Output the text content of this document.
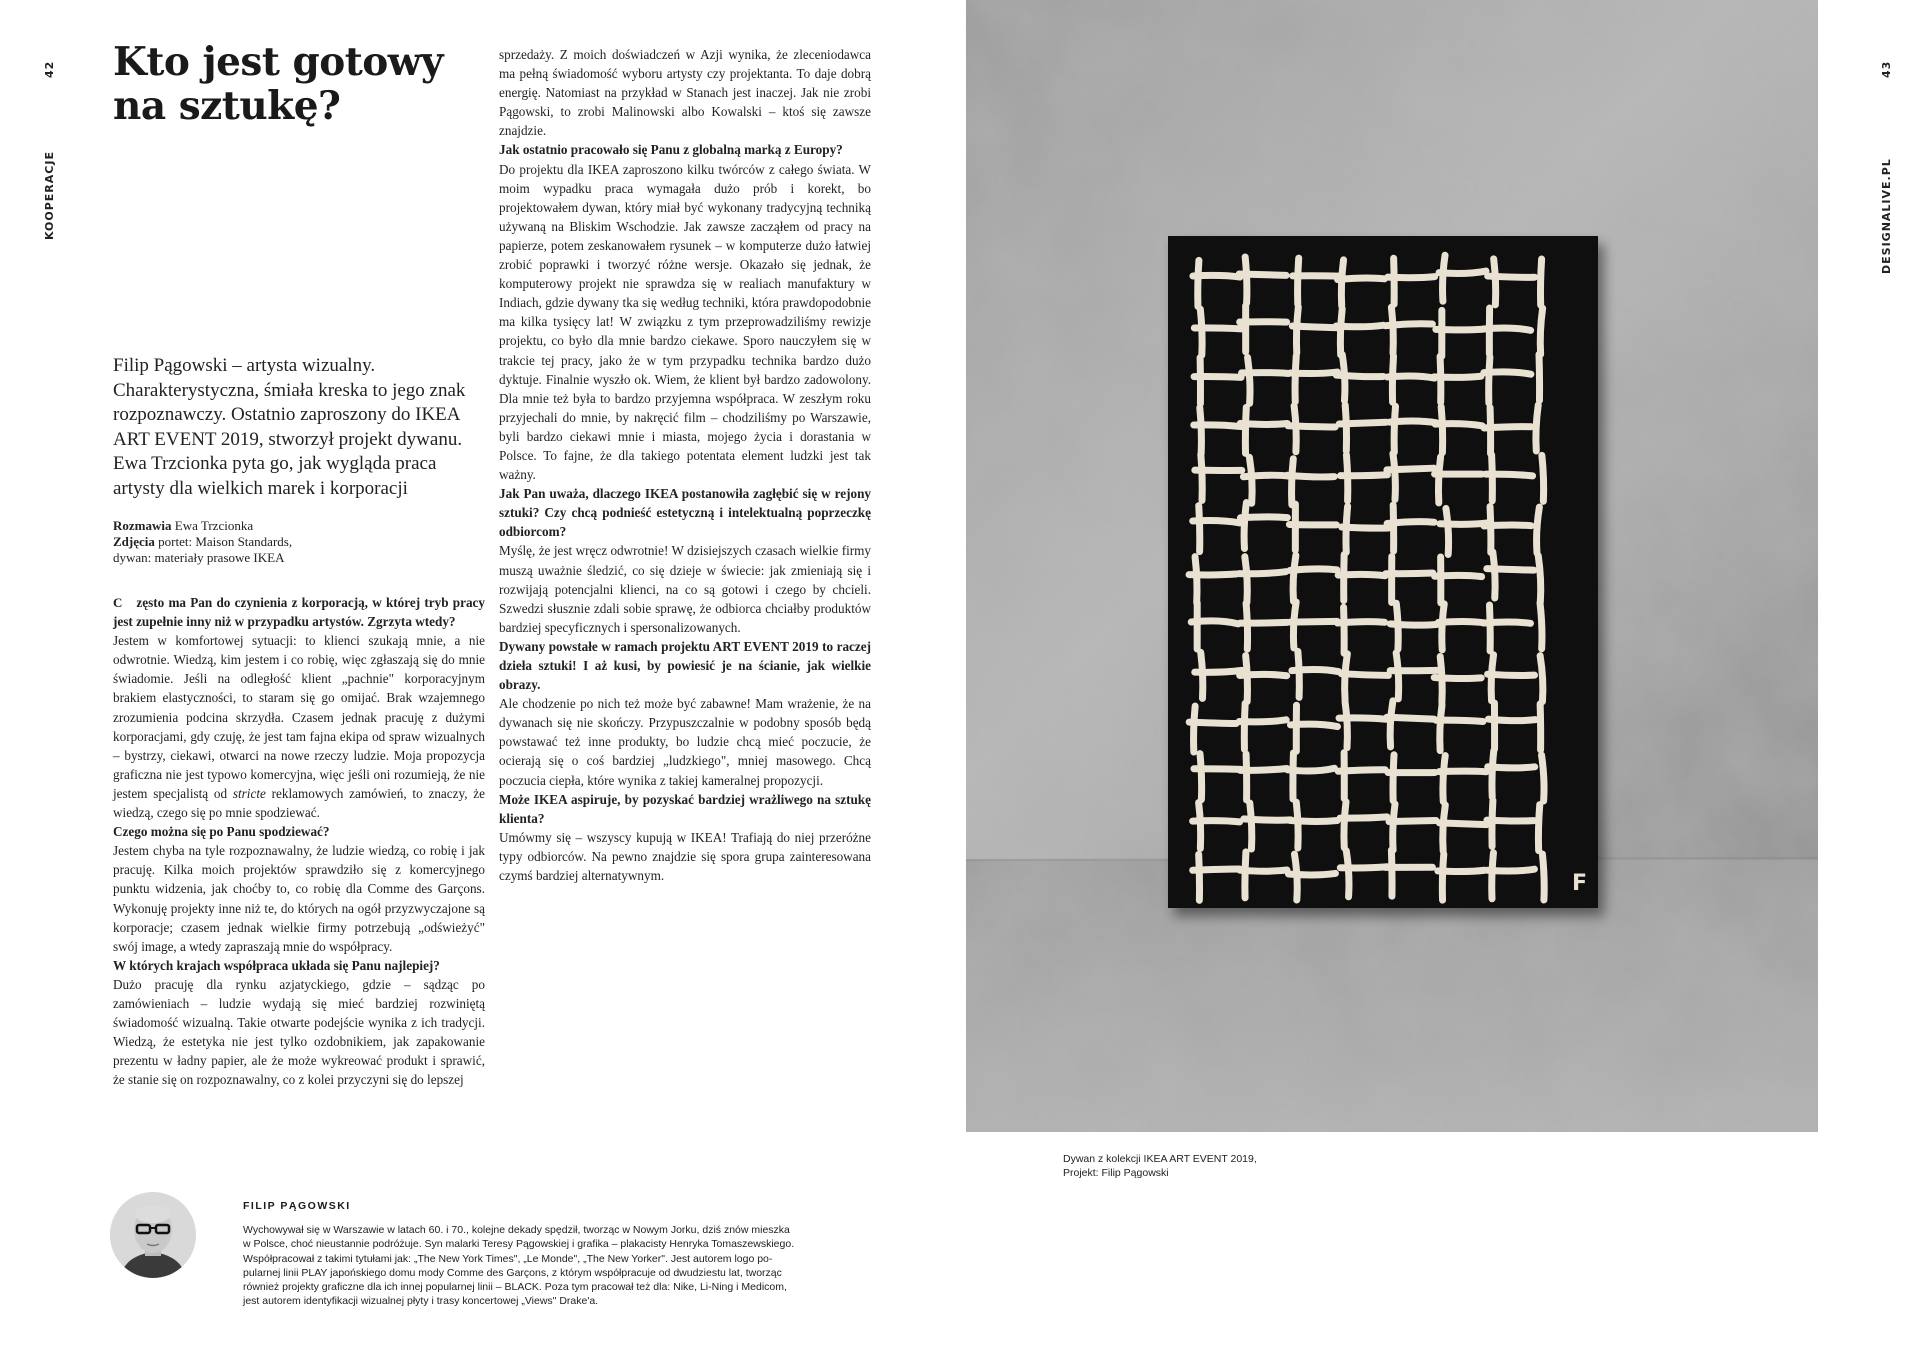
42
KOOPERACJE
43
DESIGNALIVE.PL
Kto jest gotowy
na sztukę?

Filip Pągowski – artysta wizualny. Charakterystyczna, śmiała kreska to jego znak rozpoznawczy. Ostatnio zaproszony do IKEA ART EVENT 2019, stworzył projekt dywanu. Ewa Trzcionka pyta go, jak wygląda praca artysty dla wielkich marek i korporacji

Rozmawia Ewa Trzcionka
Zdjęcia portet: Maison Standards,
dywan: materiały prasowe IKEA

C zęsto ma Pan do czynienia z korporacją, w której tryb pracy jest zupełnie inny niż w przypadku artystów. Zgrzyta wtedy?

Jestem w komfortowej sytuacji: to klienci szukają mnie, a nie odwrotnie. Wiedzą, kim jestem i co robię, więc zgłaszają się do mnie świadomie. Jeśli na odległość klient „pachnie" korporacyjnym brakiem elastyczności, to staram się go omijać. Brak wzajemnego zrozumienia podcina skrzydła. Czasem jednak pracuję z dużymi korporacjami, gdy czuję, że jest tam fajna ekipa od spraw wizualnych – bystrzy, ciekawi, otwarci na nowe rzeczy ludzie. Moja propozycja graficzna nie jest typowo komercyjna, więc jeśli oni rozumieją, że nie jestem specjalistą od stricte reklamowych zamówień, to znaczy, że wiedzą, czego się po mnie spodziewać.

Czego można się po Panu spodziewać?

Jestem chyba na tyle rozpoznawalny, że ludzie wiedzą, co robię i jak pracuję. Kilka moich projektów sprawdziło się z komercyjnego punktu widzenia, jak choćby to, co robię dla Comme des Garçons. Wykonuję projekty inne niż te, do których na ogół przyzwyczajone są korporacje; czasem jednak wielkie firmy potrzebują „odświeżyć" swój image, a wtedy zapraszają mnie do współpracy.

W których krajach współpraca układa się Panu najlepiej?

Dużo pracuję dla rynku azjatyckiego, gdzie – sądząc po zamówieniach – ludzie wydają się mieć bardziej rozwiniętą świadomość wizualną. Takie otwarte podejście wynika z ich tradycji. Wiedzą, że estetyka nie jest tylko ozdobnikiem, jak zapakowanie prezentu w ładny papier, ale że może wykreować produkt i sprawić, że stanie się on rozpoznawalny, co z kolei przyczyni się do lepszej

sprzedaży. Z moich doświadczeń w Azji wynika, że zleceniodawca ma pełną świadomość wyboru artysty czy projektanta. To daje dobrą energię. Natomiast na przykład w Stanach jest inaczej. Jak nie zrobi Pągowski, to zrobi Malinowski albo Kowalski – ktoś się zawsze znajdzie.

Jak ostatnio pracowało się Panu z globalną marką z Europy?

Do projektu dla IKEA zaproszono kilku twórców z całego świata. W moim wypadku praca wymagała dużo prób i korekt, bo projektowałem dywan, który miał być wykonany tradycyjną techniką używaną na Bliskim Wschodzie. Jak zawsze zacząłem od pracy na papierze, potem zeskanowałem rysunek – w komputerze dużo łatwiej zrobić poprawki i tworzyć różne wersje. Okazało się jednak, że komputerowy projekt nie sprawdza się w realiach manufaktury w Indiach, gdzie dywany tka się według techniki, która prawdopodobnie ma kilka tysięcy lat! W związku z tym przeprowadziliśmy rewizje projektu, co było dla mnie bardzo ciekawe. Sporo nauczyłem się w trakcie tej pracy, jako że w tym przypadku technika bardzo dużo dyktuje. Finalnie wyszło ok. Wiem, że klient był bardzo zadowolony. Dla mnie też była to bardzo przyjemna współpraca. W zeszłym roku przyjechali do mnie, by nakręcić film – chodziliśmy po Warszawie, byli bardzo ciekawi mnie i miasta, mojego życia i dorastania w Polsce. To fajne, że dla takiego potentata element ludzki jest tak ważny.

Jak Pan uważa, dlaczego IKEA postanowiła zagłębić się w rejony sztuki? Czy chcą podnieść estetyczną i intelektualną poprzeczkę odbiorcom?

Myślę, że jest wręcz odwrotnie! W dzisiejszych czasach wielkie firmy muszą uważnie śledzić, co się dzieje w świecie: jak zmieniają się i rozwijają potencjalni klienci, na co są gotowi i czego by chcieli. Szwedzi słusznie zdali sobie sprawę, że odbiorca chciałby produktów bardziej specyficznych i spersonalizowanych.

Dywany powstałe w ramach projektu ART EVENT 2019 to raczej dzieła sztuki! I aż kusi, by powiesić je na ścianie, jak wielkie obrazy.

Ale chodzenie po nich też może być zabawne! Mam wrażenie, że na dywanach się nie skończy. Przypuszczalnie w podobny sposób będą powstawać też inne produkty, bo ludzie chcą mieć poczucie, że ocierają się o coś bardziej „ludzkiego", mniej masowego. Chcą poczucia ciepła, które wynika z takiej kameralnej propozycji.

Może IKEA aspiruje, by pozyskać bardziej wrażliwego na sztukę klienta?

Umówmy się – wszyscy kupują w IKEA! Trafiają do niej przeróżne typy odbiorców. Na pewno znajdzie się spora grupa zainteresowana czymś bardziej alternatywnym.	F
Dywan z kolekcji IKEA ART EVENT 2019,
Projekt: Filip Pągowski
FILIP PĄGOWSKI
Wychowywał się w Warszawie w latach 60. i 70., kolejne dekady spędził, tworząc w Nowym Jorku, dziś znów mieszka
w Polsce, choć nieustannie podróżuje. Syn malarki Teresy Pągowskiej i grafika – plakacisty Henryka Tomaszewskiego.
Współpracował z takimi tytułami jak: „The New York Times", „Le Monde", „The New Yorker". Jest autorem logo po-
pularnej linii PLAY japońskiego domu mody Comme des Garçons, z którym współpracuje od dwudziestu lat, tworząc
również projekty graficzne dla ich innej popularnej linii – BLACK. Poza tym pracował też dla: Nike, Li-Ning i Medicom,
jest autorem identyfikacji wizualnej płyty i trasy koncertowej „Views" Drake'a.
